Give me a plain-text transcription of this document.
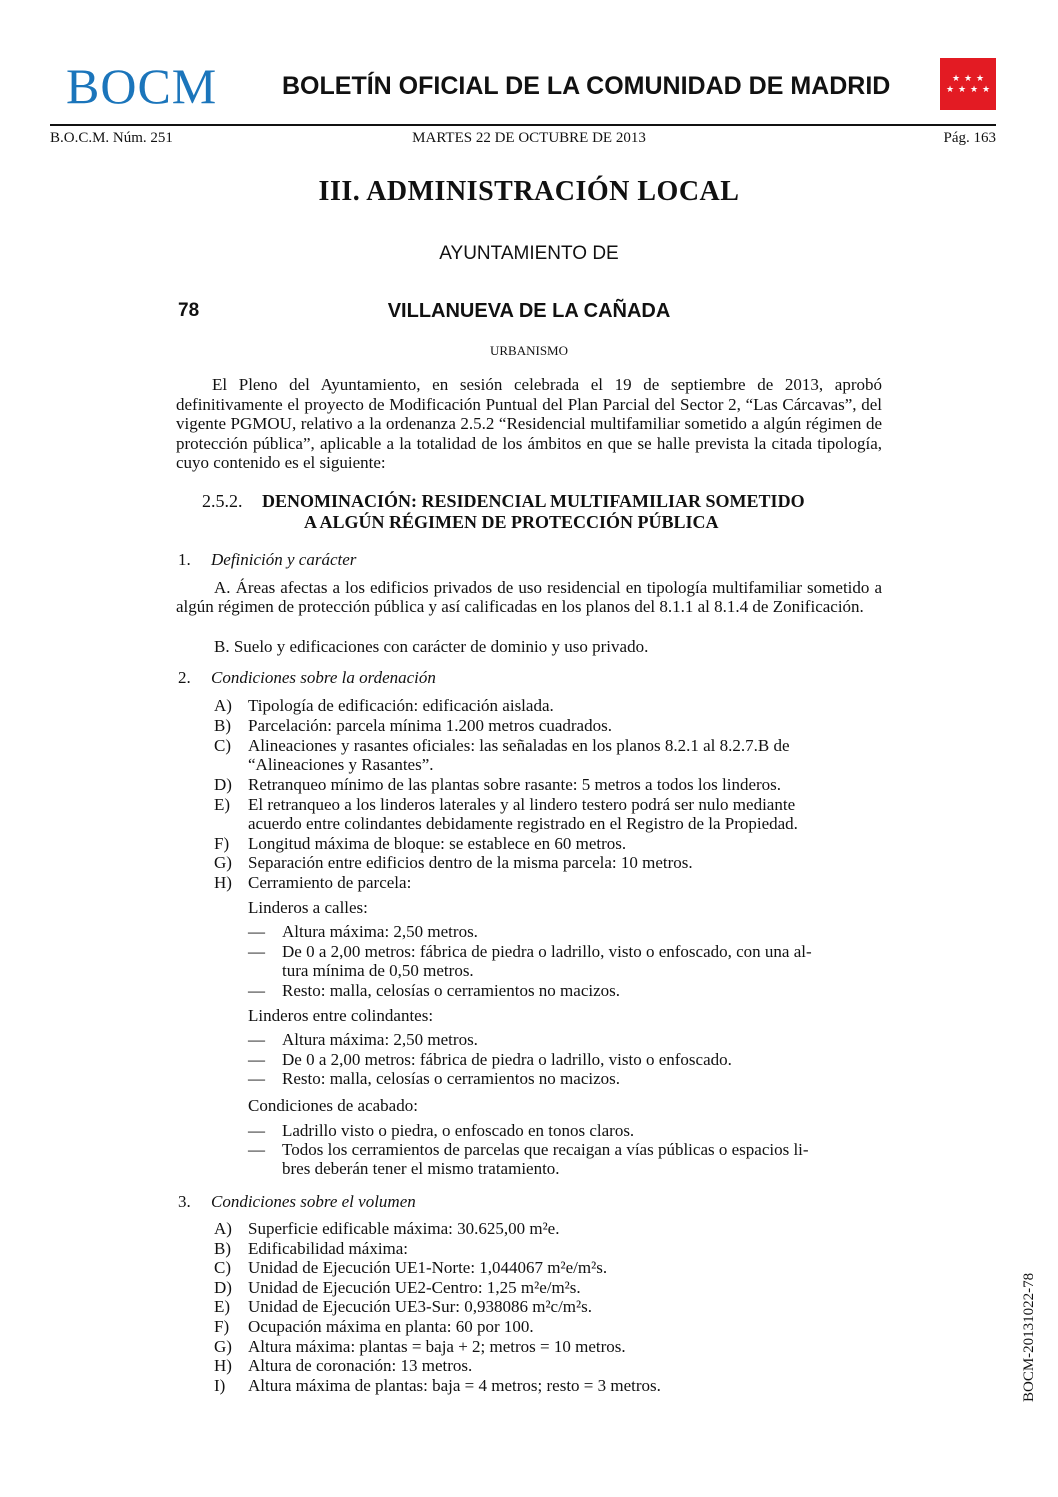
BOCM	BOLETÍN OFICIAL DE LA COMUNIDAD DE MADRID	★ ★ ★
★ ★ ★ ★
B.O.C.M. Núm. 251	MARTES 22 DE OCTUBRE DE 2013	Pág. 163
III. ADMINISTRACIÓN LOCAL
AYUNTAMIENTO DE
78	VILLANUEVA DE LA CAÑADA
URBANISMO

El Pleno del Ayuntamiento, en sesión celebrada el 19 de septiembre de 2013, aprobó definitivamente el proyecto de Modificación Puntual del Plan Parcial del Sector 2, “Las Cárcavas”, del vigente PGMOU, relativo a la ordenanza 2.5.2 “Residencial multifamiliar sometido a algún régimen de protección pública”, aplicable a la totalidad de los ámbitos en que se halle prevista la citada tipología, cuyo contenido es el siguiente:

2.5.2. DENOMINACIÓN: RESIDENCIAL MULTIFAMILIAR SOMETIDO
A ALGÚN RÉGIMEN DE PROTECCIÓN PÚBLICA
1. Definición y carácter
A. Áreas afectas a los edificios privados de uso residencial en tipología multifamiliar sometido a algún régimen de protección pública y así calificadas en los planos del 8.1.1 al 8.1.4 de Zonificación.
B. Suelo y edificaciones con carácter de dominio y uso privado.
2. Condiciones sobre la ordenación
A) Tipología de edificación: edificación aislada.
B) Parcelación: parcela mínima 1.200 metros cuadrados.
C) Alineaciones y rasantes oficiales: las señaladas en los planos 8.2.1 al 8.2.7.B de
“Alineaciones y Rasantes”.
D) Retranqueo mínimo de las plantas sobre rasante: 5 metros a todos los linderos.
E) El retranqueo a los linderos laterales y al lindero testero podrá ser nulo mediante
acuerdo entre colindantes debidamente registrado en el Registro de la Propiedad.
F) Longitud máxima de bloque: se establece en 60 metros.
G) Separación entre edificios dentro de la misma parcela: 10 metros.
H) Cerramiento de parcela:
Linderos a calles:
— Altura máxima: 2,50 metros.
— De 0 a 2,00 metros: fábrica de piedra o ladrillo, visto o enfoscado, con una al-
tura mínima de 0,50 metros.
— Resto: malla, celosías o cerramientos no macizos.
Linderos entre colindantes:
— Altura máxima: 2,50 metros.
— De 0 a 2,00 metros: fábrica de piedra o ladrillo, visto o enfoscado.
— Resto: malla, celosías o cerramientos no macizos.
Condiciones de acabado:
— Ladrillo visto o piedra, o enfoscado en tonos claros.
— Todos los cerramientos de parcelas que recaigan a vías públicas o espacios li-
bres deberán tener el mismo tratamiento.
3. Condiciones sobre el volumen
A) Superficie edificable máxima: 30.625,00 m²e.
B) Edificabilidad máxima:
C) Unidad de Ejecución UE1-Norte: 1,044067 m²e/m²s.
D) Unidad de Ejecución UE2-Centro: 1,25 m²e/m²s.
E) Unidad de Ejecución UE3-Sur: 0,938086 m²c/m²s.
F) Ocupación máxima en planta: 60 por 100.
G) Altura máxima: plantas = baja + 2; metros = 10 metros.
H) Altura de coronación: 13 metros.
I) Altura máxima de plantas: baja = 4 metros; resto = 3 metros.	BOCM-20131022-78
